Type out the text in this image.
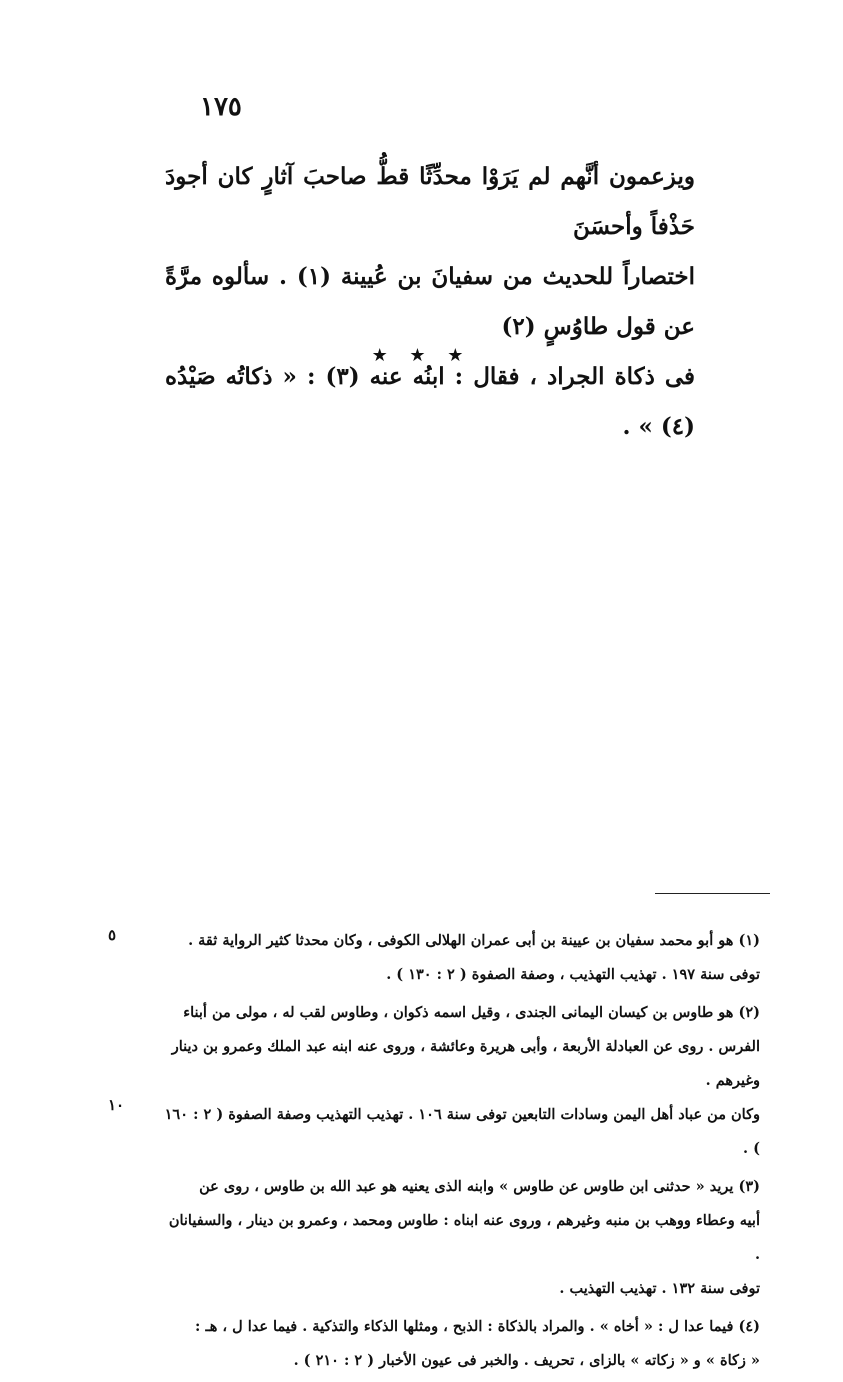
١٧٥

ويزعمون أنَّهم لم يَرَوْا محدِّثًا قطُّ صاحبَ آثارٍ كان أجودَ حَذْفاً وأحسَنَ

اختصاراً للحديث من سفيانَ بن عُيينة (١) . سألوه مرَّةً عن قول طاوُسٍ (٢)

فى ذكاة الجراد ، فقال : ابنُه عنه (٣) : « ذكاتُه صَيْدُه (٤) » .

★ ★ ★

(١) هو أبو محمد سفيان بن عيينة بن أبى عمران الهلالى الكوفى ، وكان محدثا كثير الرواية ثقة .

توفى سنة ١٩٧ . تهذيب التهذيب ، وصفة الصفوة ( ٢ : ١٣٠ ) .

(٢) هو طاوس بن كيسان اليمانى الجندى ، وقيل اسمه ذكوان ، وطاوس لقب له ، مولى من أبناء

الفرس . روى عن العبادلة الأربعة ، وأبى هريرة وعائشة ، وروى عنه ابنه عبد الملك وعمرو بن دينار وغيرهم .

وكان من عباد أهل اليمن وسادات التابعين توفى سنة ١٠٦ . تهذيب التهذيب وصفة الصفوة ( ٢ : ١٦٠ ) .

(٣) يريد « حدثنى ابن طاوس عن طاوس » وابنه الذى يعنيه هو عبد الله بن طاوس ، روى عن

أبيه وعطاء ووهب بن منبه وغيرهم ، وروى عنه ابناه : طاوس ومحمد ، وعمرو بن دينار ، والسفيانان .

توفى سنة ١٣٢ . تهذيب التهذيب .

(٤) فيما عدا ل : « أخاه » . والمراد بالذكاة : الذبح ، ومثلها الذكاء والتذكية . فيما عدا ل ، هـ :

« زكاة » و « زكاته » بالزاى ، تحريف . والخبر فى عيون الأخبار ( ٢ : ٢١٠ ) .

٥
١٠
